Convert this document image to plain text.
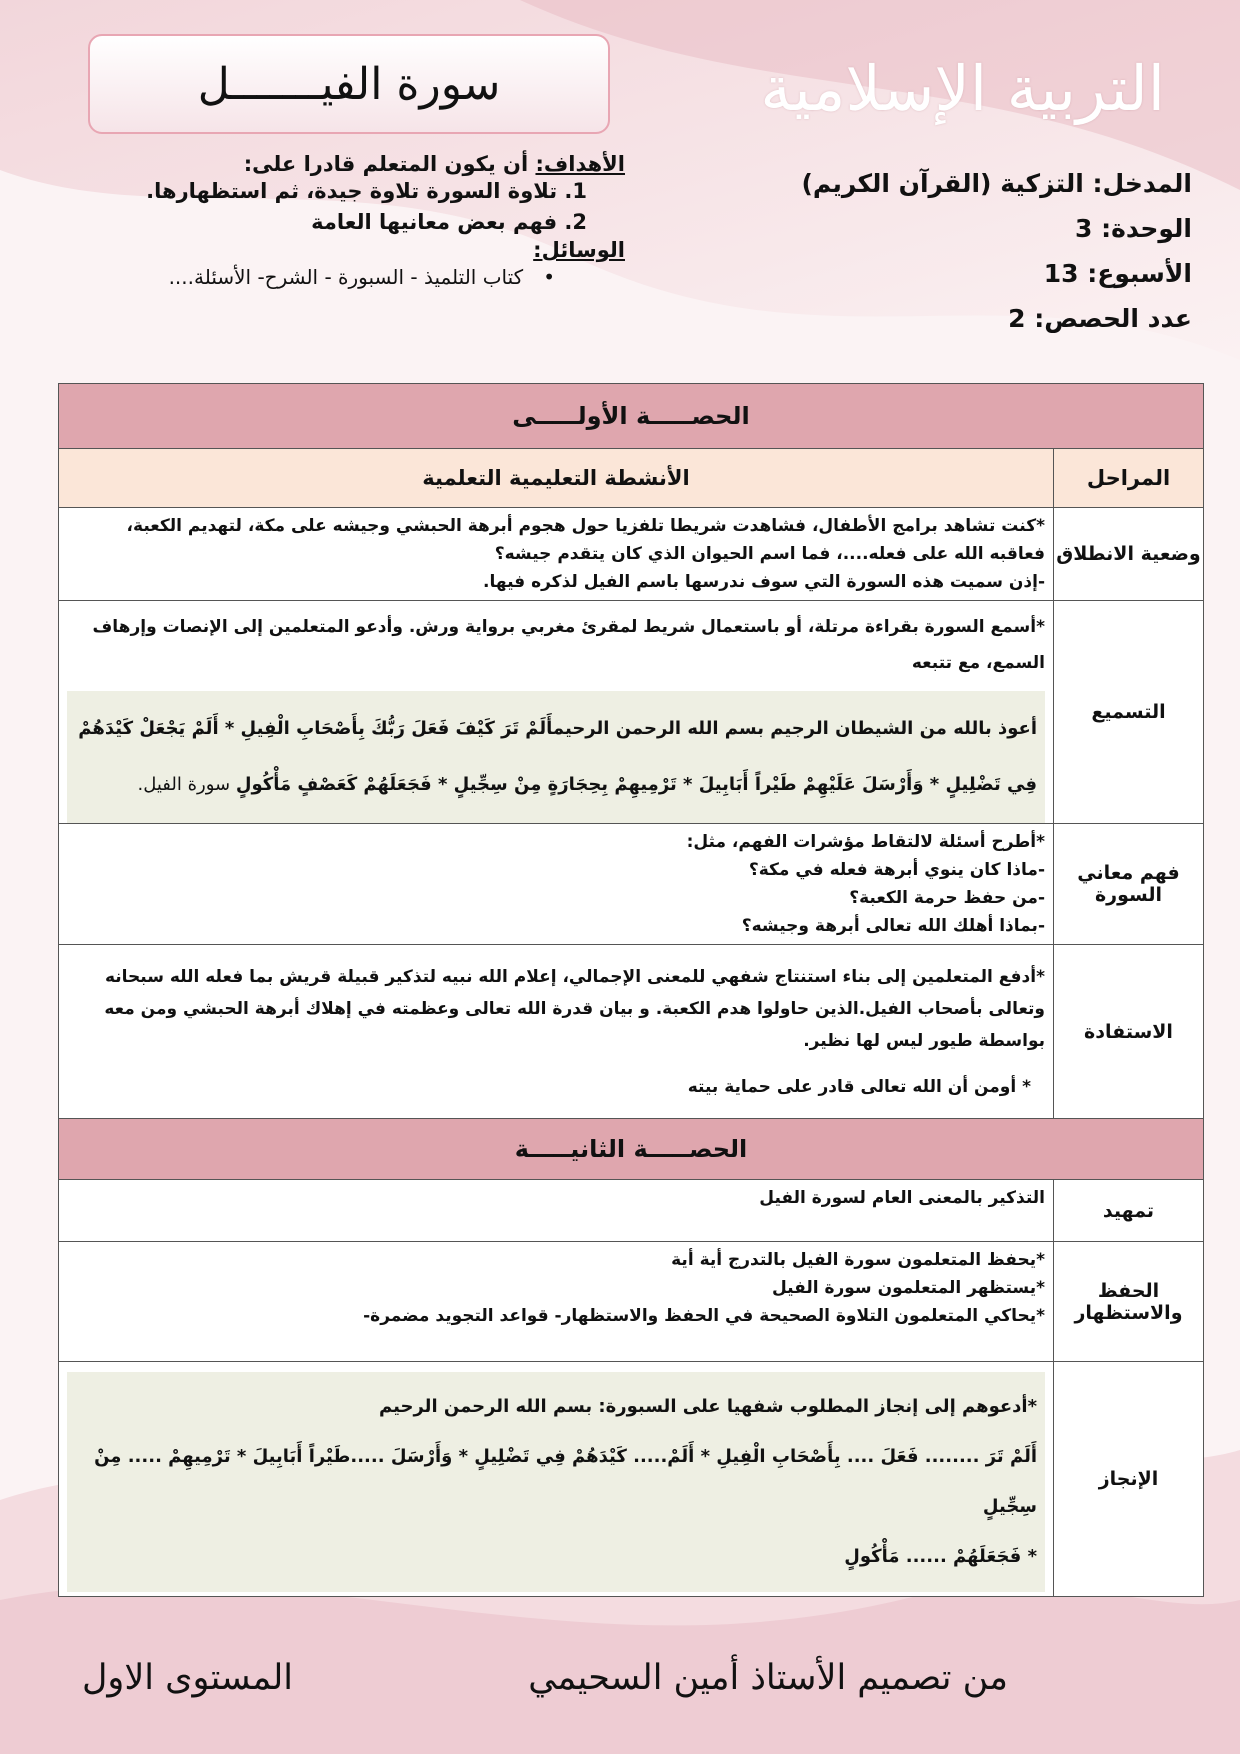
التربية الإسلامية
سورة الفيـــــــل
المدخل: التزكية (القرآن الكريم)
الوحدة: 3
الأسبوع: 13
عدد الحصص: 2
الأهداف: أن يكون المتعلم قادرا على:
1. تلاوة السورة تلاوة جيدة، ثم استظهارها.
2. فهم بعض معانيها العامة
الوسائل:
• كتاب التلميذ - السبورة - الشرح- الأسئلة....
الحصـــــة الأولـــــى	
المراحل	الأنشطة التعليمية التعلمية
وضعية الانطلاق	*كنت تشاهد برامج الأطفال، فشاهدت شريطا تلفزيا حول هجوم أبرهة الحبشي وجيشه على مكة، لتهديم الكعبة، فعاقبه الله على فعله....، فما اسم الحيوان الذي كان يتقدم جيشه؟
-إذن سميت هذه السورة التي سوف ندرسها باسم الفيل لذكره فيها.

التسميع	*أسمع السورة بقراءة مرتلة، أو باستعمال شريط لمقرئ مغربي برواية ورش. وأدعو المتعلمين إلى الإنصات وإرهاف السمع، مع تتبعه
أعوذ بالله من الشيطان الرجيم بسم الله الرحمن الرحيمأَلَمْ تَرَ كَيْفَ فَعَلَ رَبُّكَ بِأَصْحَابِ الْفِيلِ * أَلَمْ يَجْعَلْ كَيْدَهُمْ فِي تَضْلِيلٍ * وَأَرْسَلَ عَلَيْهِمْ طَيْراً أَبَابِيلَ * تَرْمِيهِمْ بِحِجَارَةٍ مِنْ سِجِّيلٍ * فَجَعَلَهُمْ كَعَصْفٍ مَأْكُولٍ سورة الفيل.

فهم معاني السورة	*أطرح أسئلة لالتقاط مؤشرات الفهم، مثل:
-ماذا كان ينوي أبرهة فعله في مكة؟
-من حفظ حرمة الكعبة؟
-بماذا أهلك الله تعالى أبرهة وجيشه؟

الاستفادة	*أدفع المتعلمين إلى بناء استنتاج شفهي للمعنى الإجمالي، إعلام الله نبيه لتذكير قبيلة قريش بما فعله الله سبحانه وتعالى بأصحاب الفيل.الذين حاولوا هدم الكعبة. و بيان قدرة الله تعالى وعظمته في إهلاك أبرهة الحبشي ومن معه بواسطة طيور ليس لها نظير.
* أومن أن الله تعالى قادر على حماية بيته

الحصـــــة الثانيـــــة	
تمهيد	التذكير بالمعنى العام لسورة الفيل

الحفظ والاستظهار	*يحفظ المتعلمون سورة الفيل بالتدرج أية أية
*يستظهر المتعلمون سورة الفيل
*يحاكي المتعلمون التلاوة الصحيحة في الحفظ والاستظهار- قواعد التجويد مضمرة-

الإنجاز	*أدعوهم إلى إنجاز المطلوب شفهيا على السبورة: بسم الله الرحمن الرحيم
أَلَمْ تَرَ ........ فَعَلَ .... بِأَصْحَابِ الْفِيلِ * أَلَمْ..... كَيْدَهُمْ فِي تَضْلِيلٍ * وَأَرْسَلَ .....طَيْراً أَبَابِيلَ * تَرْمِيهِمْ ..... مِنْ سِجِّيلٍ
* فَجَعَلَهُمْ ...... مَأْكُولٍ
من تصميم الأستاذ أمين السحيمي
المستوى الاول
